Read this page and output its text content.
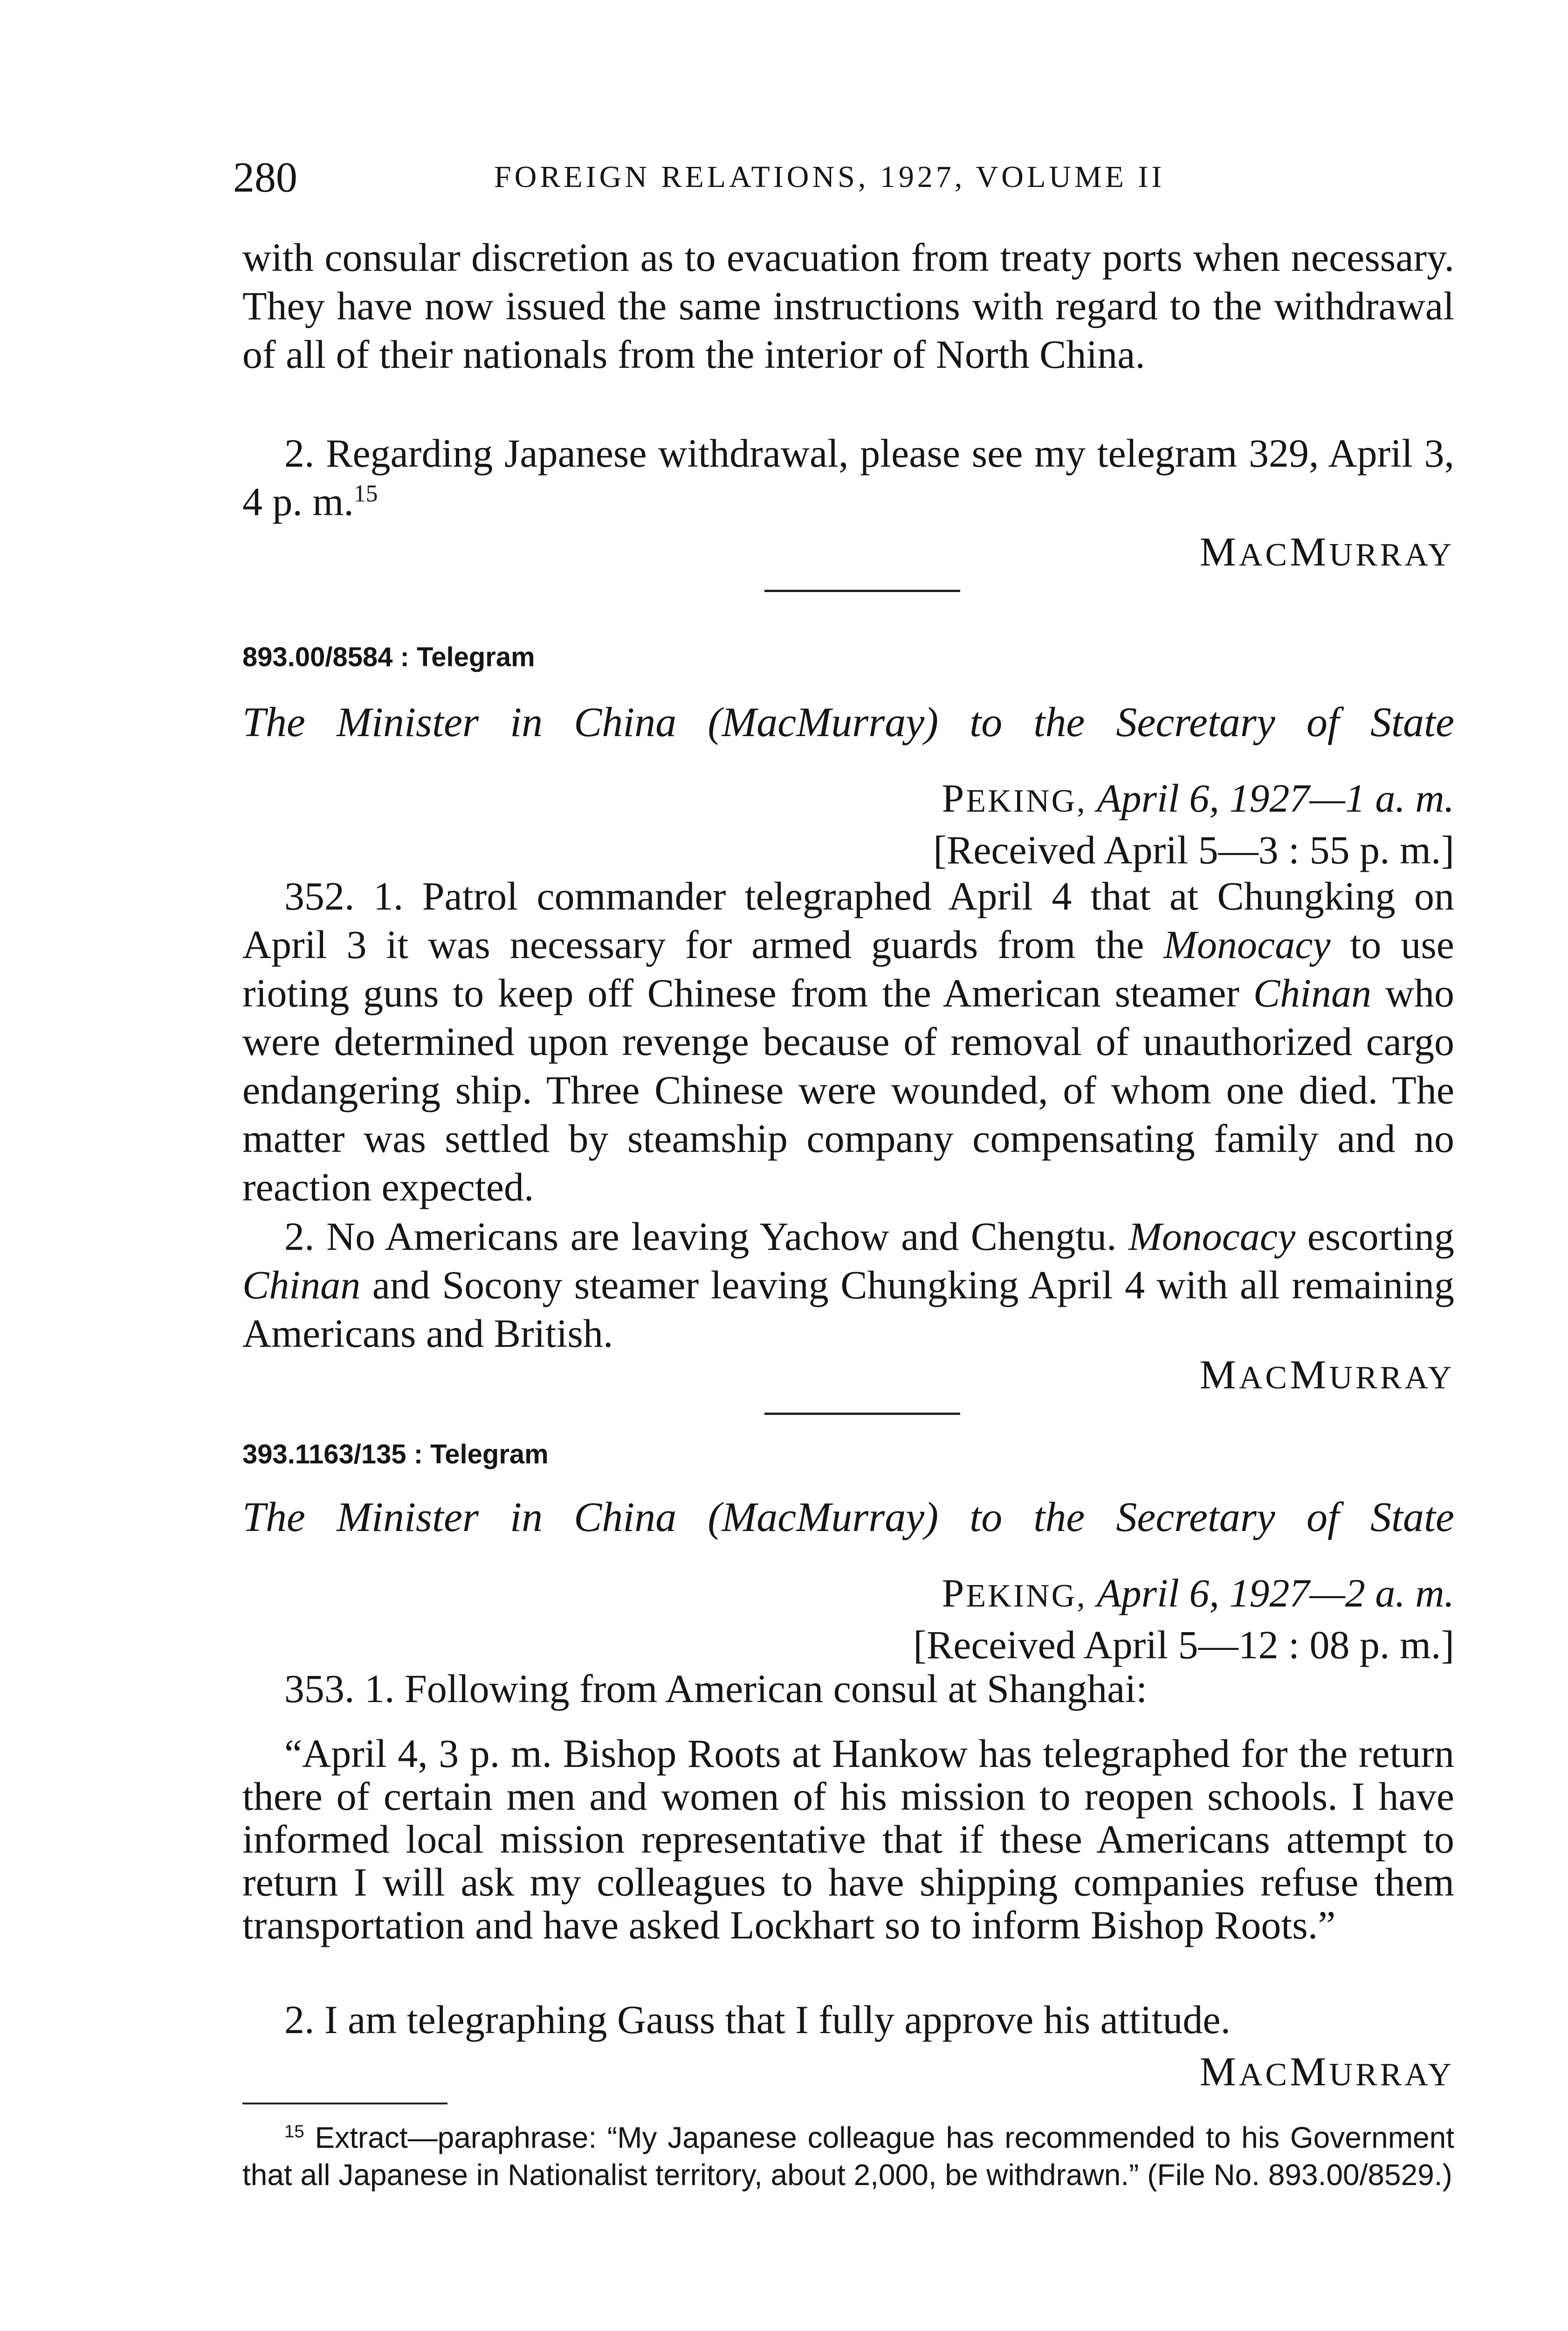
280	FOREIGN RELATIONS, 1927, VOLUME II
with consular discretion as to evacuation from treaty ports when necessary. They have now issued the same instructions with regard to the withdrawal of all of their nationals from the interior of North China.
2. Regarding Japanese withdrawal, please see my telegram 329, April 3, 4 p. m.$^{15}$
MACMURRAY
893.00/8584 : Telegram
The Minister in China (MacMurray) to the Secretary of State
PEKING, April 6, 1927—1 a. m.
[Received April 5—3 : 55 p. m.]
352. 1. Patrol commander telegraphed April 4 that at Chungking on April 3 it was necessary for armed guards from the Monocacy to use rioting guns to keep off Chinese from the American steamer Chinan who were determined upon revenge because of removal of unauthorized cargo endangering ship. Three Chinese were wounded, of whom one died. The matter was settled by steamship company compensating family and no reaction expected.
2. No Americans are leaving Yachow and Chengtu. Monocacy escorting Chinan and Socony steamer leaving Chungking April 4 with all remaining Americans and British.
MACMURRAY
393.1163/135 : Telegram
The Minister in China (MacMurray) to the Secretary of State
PEKING, April 6, 1927—2 a. m.
[Received April 5—12 : 08 p. m.]
353. 1. Following from American consul at Shanghai:
“April 4, 3 p. m. Bishop Roots at Hankow has telegraphed for the return there of certain men and women of his mission to reopen schools. I have informed local mission representative that if these Americans attempt to return I will ask my colleagues to have shipping companies refuse them transportation and have asked Lockhart so to inform Bishop Roots.”
2. I am telegraphing Gauss that I fully approve his attitude.
MACMURRAY
$^{15}$ Extract—paraphrase: “My Japanese colleague has recommended to his Government that all Japanese in Nationalist territory, about 2,000, be withdrawn.” (File No. 893.00/8529.)
